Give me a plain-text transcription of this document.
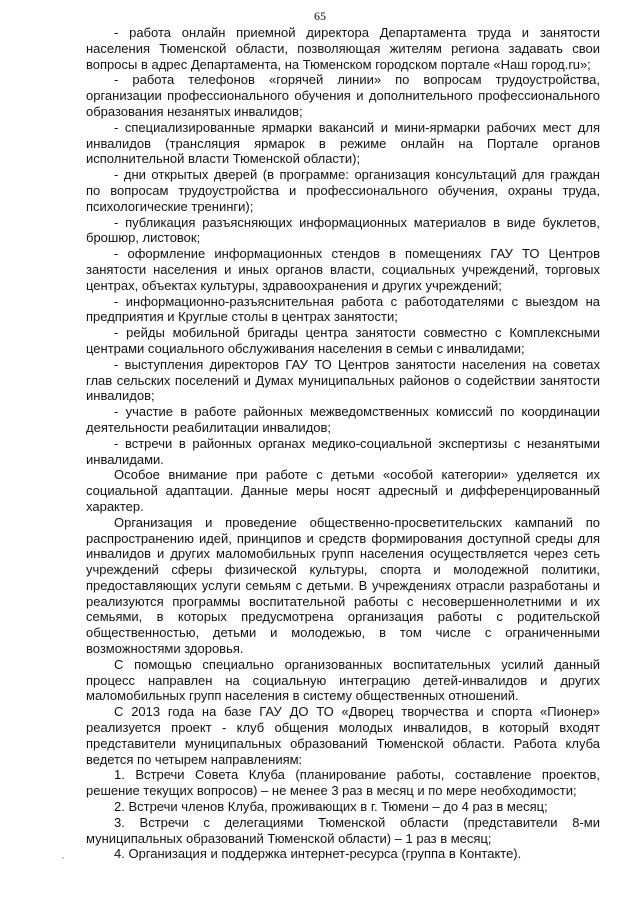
65

- работа онлайн приемной директора Департамента труда и занятости населения Тюменской области, позволяющая жителям региона задавать свои вопросы в адрес Департамента, на Тюменском городском портале «Наш город.ru»;

- работа телефонов «горячей линии» по вопросам трудоустройства, организации профессионального обучения и дополнительного профессионального образования незанятых инвалидов;

- специализированные ярмарки вакансий и мини-ярмарки рабочих мест для инвалидов (трансляция ярмарок в режиме онлайн на Портале органов исполнительной власти Тюменской области);

- дни открытых дверей (в программе: организация консультаций для граждан по вопросам трудоустройства и профессионального обучения, охраны труда, психологические тренинги);

- публикация разъясняющих информационных материалов в виде буклетов, брошюр, листовок;

- оформление информационных стендов в помещениях ГАУ ТО Центров занятости населения и иных органов власти, социальных учреждений, торговых центрах, объектах культуры, здравоохранения и других учреждений;

- информационно-разъяснительная работа с работодателями с выездом на предприятия и Круглые столы в центрах занятости;

- рейды мобильной бригады центра занятости совместно с Комплексными центрами социального обслуживания населения в семьи с инвалидами;

- выступления директоров ГАУ ТО Центров занятости населения на советах глав сельских поселений и Думах муниципальных районов о содействии занятости инвалидов;

- участие в работе районных межведомственных комиссий по координации деятельности реабилитации инвалидов;

- встречи в районных органах медико-социальной экспертизы с незанятыми инвалидами.

Особое внимание при работе с детьми «особой категории» уделяется их социальной адаптации. Данные меры носят адресный и дифференцированный характер.

Организация и проведение общественно-просветительских кампаний по распространению идей, принципов и средств формирования доступной среды для инвалидов и других маломобильных групп населения осуществляется через сеть учреждений сферы физической культуры, спорта и молодежной политики, предоставляющих услуги семьям с детьми. В учреждениях отрасли разработаны и реализуются программы воспитательной работы с несовершеннолетними и их семьями, в которых предусмотрена организация работы с родительской общественностью, детьми и молодежью, в том числе с ограниченными возможностями здоровья.

С помощью специально организованных воспитательных усилий данный процесс направлен на социальную интеграцию детей-инвалидов и других маломобильных групп населения в систему общественных отношений.

С 2013 года на базе ГАУ ДО ТО «Дворец творчества и спорта «Пионер» реализуется проект - клуб общения молодых инвалидов, в который входят представители муниципальных образований Тюменской области. Работа клуба ведется по четырем направлениям:

1. Встречи Совета Клуба (планирование работы, составление проектов, решение текущих вопросов) – не менее 3 раз в месяц и по мере необходимости;

2. Встречи членов Клуба, проживающих в г. Тюмени – до 4 раз в месяц;

3. Встречи с делегациями Тюменской области (представители 8-ми муниципальных образований Тюменской области) – 1 раз в месяц;

4. Организация и поддержка интернет-ресурса (группа в Контакте).
